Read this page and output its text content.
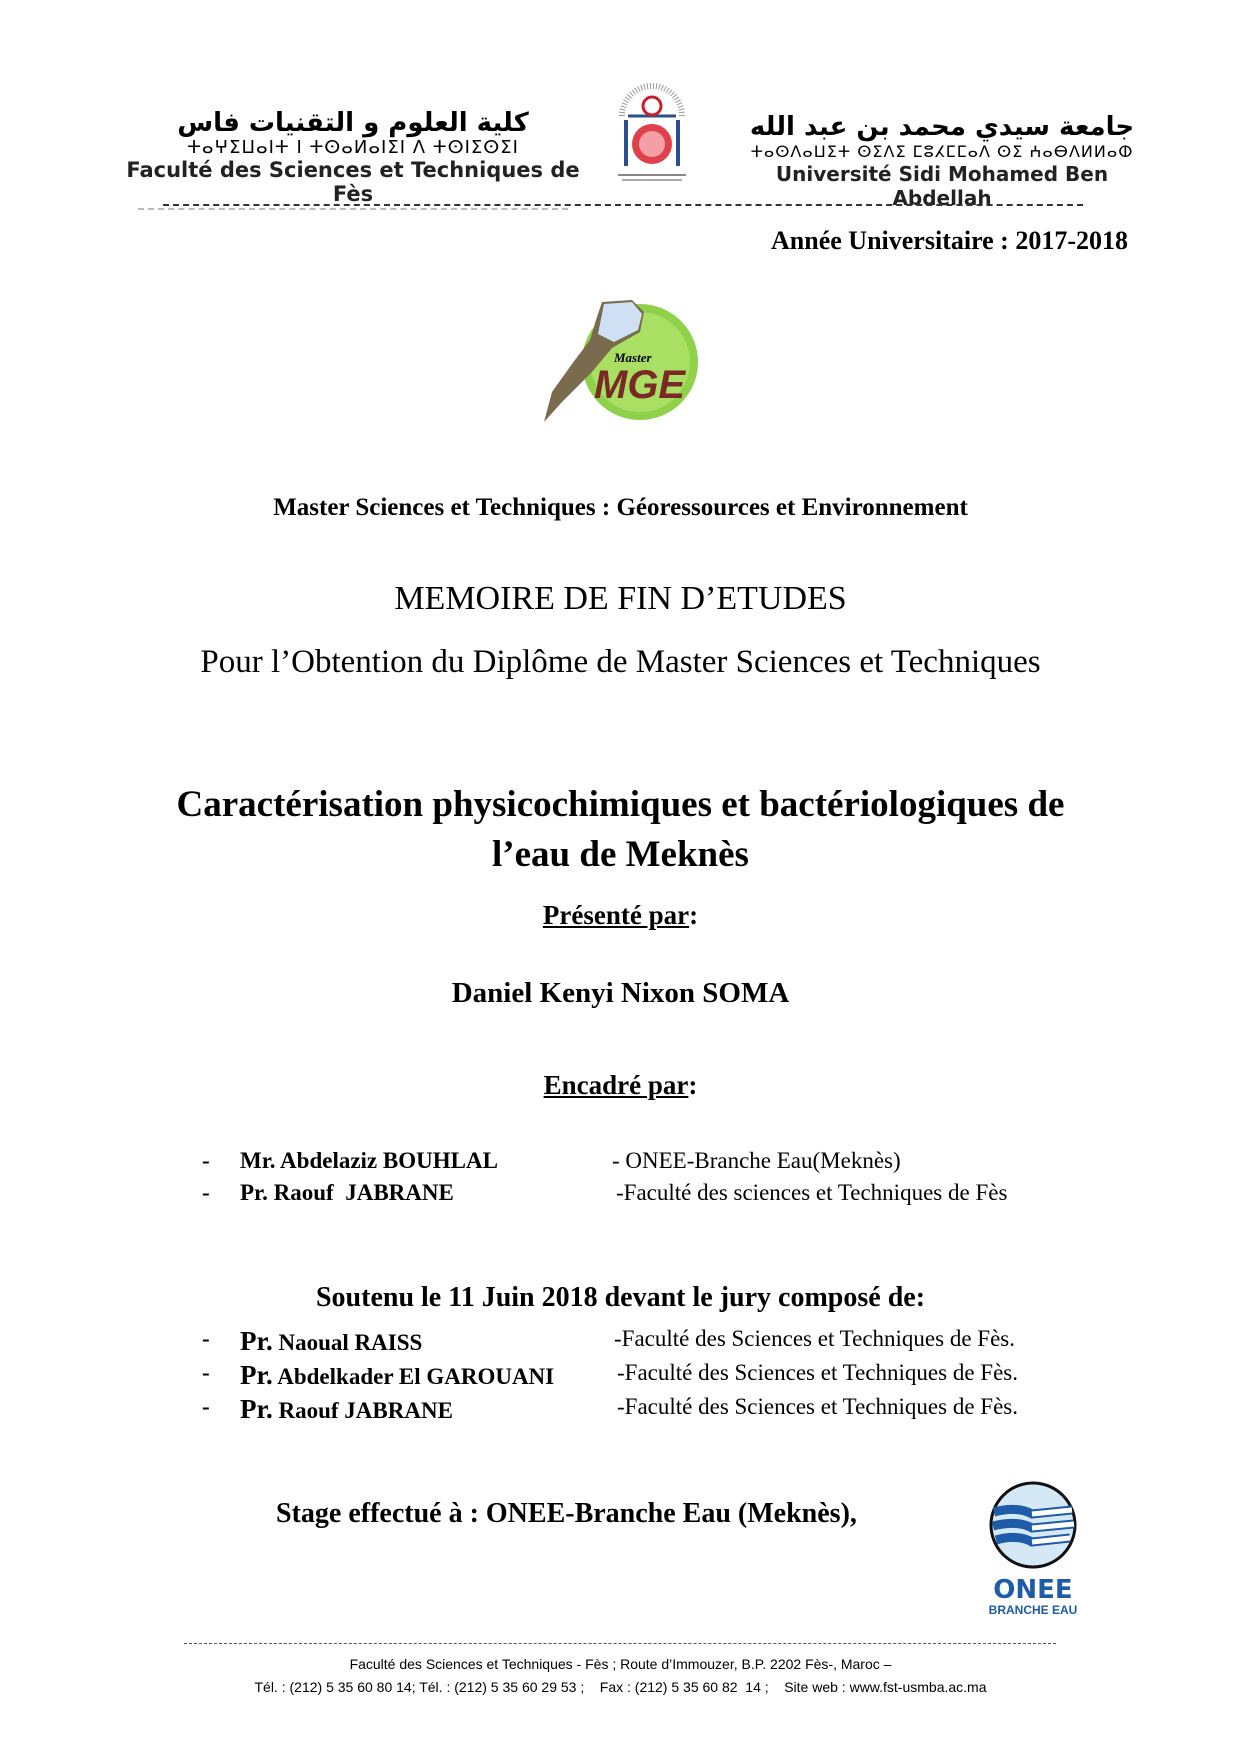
كلية العلوم و التقنيات فاس
ⵜⴰⵖⵉⵡⴰⵏⵜ ⵏ ⵜⵙⴰⵍⴰⵏⵉⵏ ⴷ ⵜⵙⵏⵉⵙⵉⵏ
Faculté des Sciences et Techniques de Fès
جامعة سيدي محمد بن عبد الله
ⵜⴰⵙⴷⴰⵡⵉⵜ ⵙⵉⴷⵉ ⵎⵓⵃⵎⵎⴰⴷ ⵙⵉ ⵄⴰⴱⴷⵍⵍⴰⵀ
Université Sidi Mohamed Ben Abdellah
Année Universitaire : 2017-2018
Master
MGE
Master Sciences et Techniques : Géoressources et Environnement
MEMOIRE DE FIN D’ETUDES
Pour l’Obtention du Diplôme de Master Sciences et Techniques
Caractérisation physicochimiques et bactériologiques de
l’eau de Meknès
Présenté par:
Daniel Kenyi Nixon SOMA
Encadré par:
- Mr. Abdelaziz BOUHLAL	- ONEE-Branche Eau(Meknès)
- Pr. Raouf  JABRANE	-Faculté des sciences et Techniques de Fès
Soutenu le 11 Juin 2018 devant le jury composé de:
- Pr. Naoual RAISS	-Faculté des Sciences et Techniques de Fès.
- Pr. Abdelkader El GAROUANI	-Faculté des Sciences et Techniques de Fès.
- Pr. Raouf JABRANE	-Faculté des Sciences et Techniques de Fès.
Stage effectué à : ONEE-Branche Eau (Meknès),
ONEE
BRANCHE EAU
Faculté des Sciences et Techniques - Fès ; Route d’Immouzer, B.P. 2202 Fès-, Maroc –
Tél. : (212) 5 35 60 80 14; Tél. : (212) 5 35 60 29 53 ;    Fax : (212) 5 35 60 82  14 ;    Site web : www.fst-usmba.ac.ma
